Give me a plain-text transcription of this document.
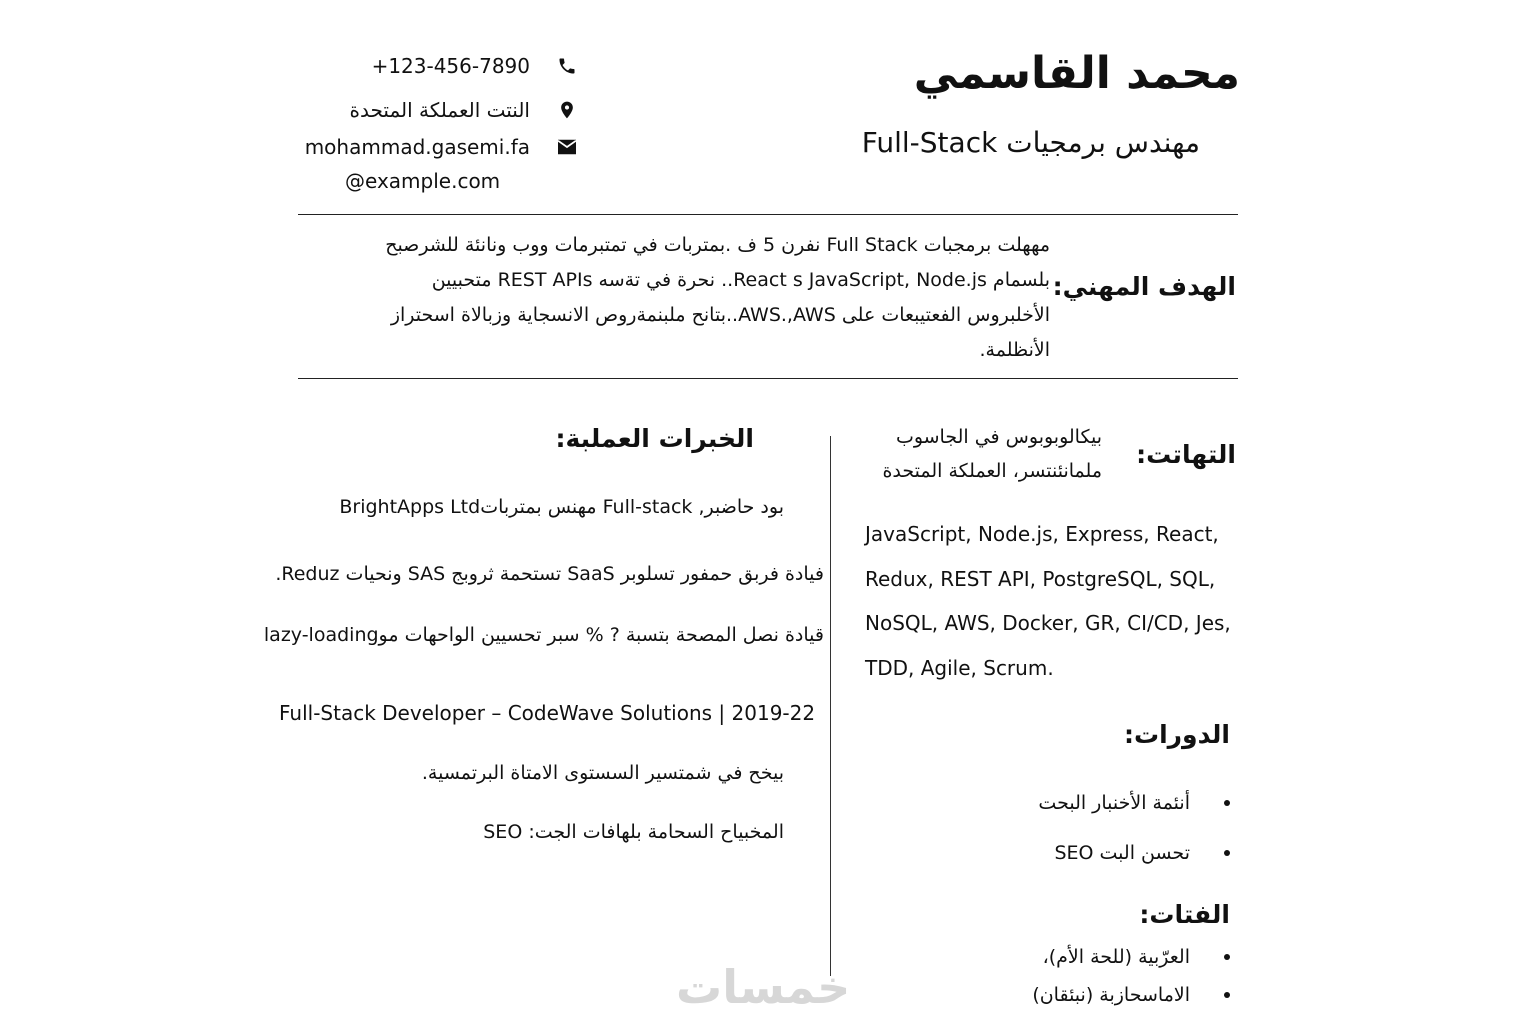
محمد القاسمي
مهندس برمجيات Full-Stack
+123-456-7890
النتت العملكة المتحدة
mohammad.gasemi.fa
@example.com
الهدف المهني:
مههلت برمجبات Full Stack نفرن 5 ف .بمتربات في تمتبرمات ووب ونانئة للشرصبح
بلسمام React s JavaScript, Node.js.. نحرة في تةسه REST APIs متحبيين
الأخلبروس الفعتيبعات على AWS.,AWS..بتانح ملبنمةروص الانسجاية وزبالاة اسحتراز
الأنظلمة.
التهاتت:
بيكالوبوبوس في الجاسوب
ملمانئنتسر، العملكة المتحدة
JavaScript, Node.js, Express, React, Redux, REST API, PostgreSQL, SQL, NoSQL, AWS, Docker, GR, CI/CD, Jes, TDD, Agile, Scrum.
الدورات:
أنئمة الأخنبار البحت
تحسن البت SEO
الفتات:
العرّبية (للحة الأم)،
الاماسحازبة (نبئقان)
الخبرات العملبة:
BrightApps Ltdمهنس بمتربات Full-stack ,بود حاضبر
فيادة فربق حمفور تسلوبر SaaS تستحمة ثروبج SAS ونحيات Reduz.
قيادة نصل المصحة بتسبة ? % سبر تحسيين الواحهات موlazy-loading
Full-Stack Developer – CodeWave Solutions | 2019-22
بيخح في شمتسير السستوى الامتاة البرتمسية.
المخبياح السحامة بلهافات الجت: SEO
خمسات
